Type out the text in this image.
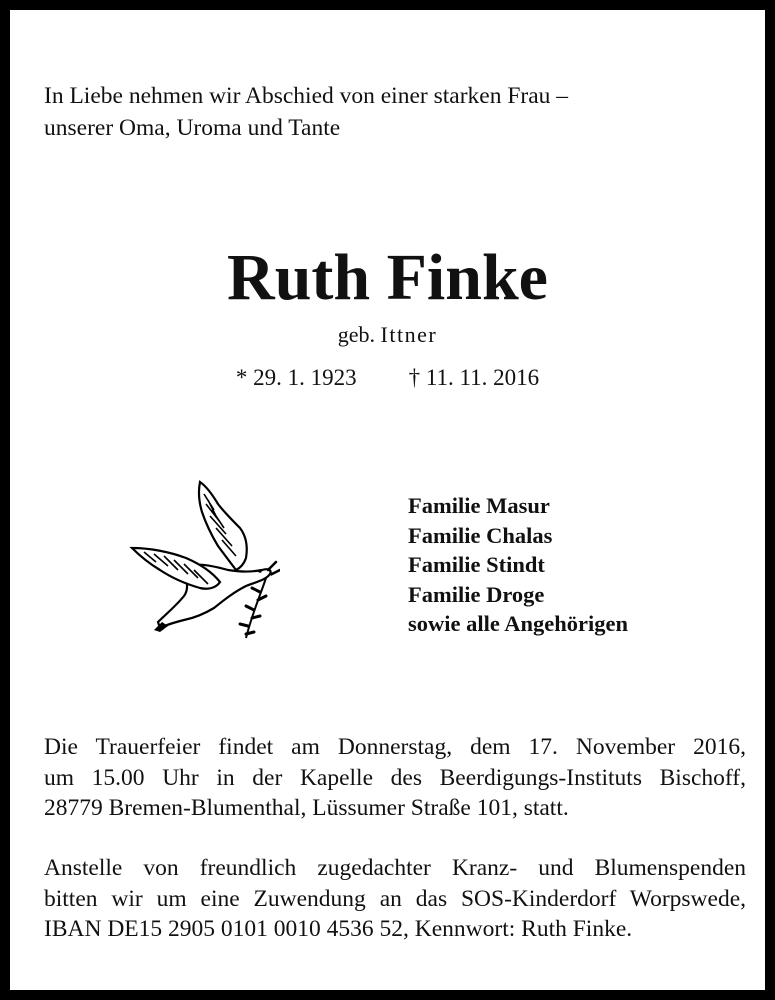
In Liebe nehmen wir Abschied von einer starken Frau –
unserer Oma, Uroma und Tante
Ruth Finke
geb. Ittner
* 29. 1. 1923 † 11. 11. 2016
Familie Masur
Familie Chalas
Familie Stindt
Familie Droge
sowie alle Angehörigen
Die Trauerfeier findet am Donnerstag, dem 17. November 2016,
um 15.00 Uhr in der Kapelle des Beerdigungs-Instituts Bischoff,
28779 Bremen-Blumenthal, Lüssumer Straße 101, statt.
Anstelle von freundlich zugedachter Kranz- und Blumenspenden
bitten wir um eine Zuwendung an das SOS-Kinderdorf Worpswede,
IBAN DE15 2905 0101 0010 4536 52, Kennwort: Ruth Finke.
